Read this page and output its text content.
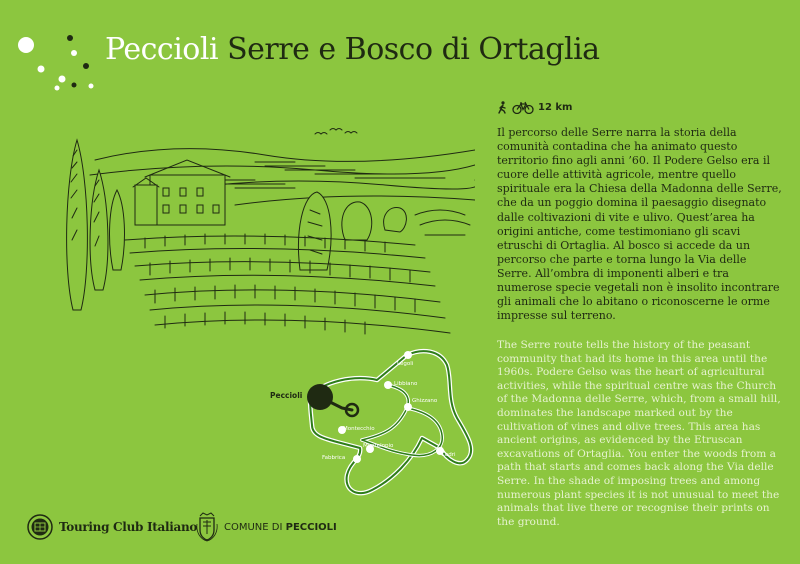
Peccioli Serre e Bosco di Ortaglia
12 km

Il percorso delle Serre narra la storia della comunità contadina che ha animato questo territorio fino agli anni ’60. Il Podere Gelso era il cuore delle attività agricole, mentre quello spirituale era la Chiesa della Madonna delle Serre, che da un poggio domina il paesaggio disegnato dalle coltivazioni di vite e ulivo. Quest’area ha origini antiche, come testimoniano gli scavi etruschi di Ortaglia. Al bosco si accede da un percorso che parte e torna lungo la Via delle Serre. All’ombra di imponenti alberi e tra numerose specie vegetali non è insolito incontrare gli animali che lo abitano o riconoscerne le orme impresse sul terreno.

Peccioli
Legoli
Libbiano
Ghizzano
Montecchio
Montelopio
Fabbrica	Cedri

The Serre route tells the history of the peasant community that had its home in this area until the 1960s. Podere Gelso was the heart of agricultural activities, while the spiritual centre was the Church of the Madonna delle Serre, which, from a small hill, dominates the landscape marked out by the cultivation of vines and olive trees. This area has ancient origins, as evidenced by the Etruscan excavations of Ortaglia. You enter the woods from a path that starts and comes back along the Via delle Serre. In the shade of imposing trees and among numerous plant species it is not unusual to meet the animals that live there or recognise their prints on the ground.

Touring Club Italiano	COMUNE DI PECCIOLI
